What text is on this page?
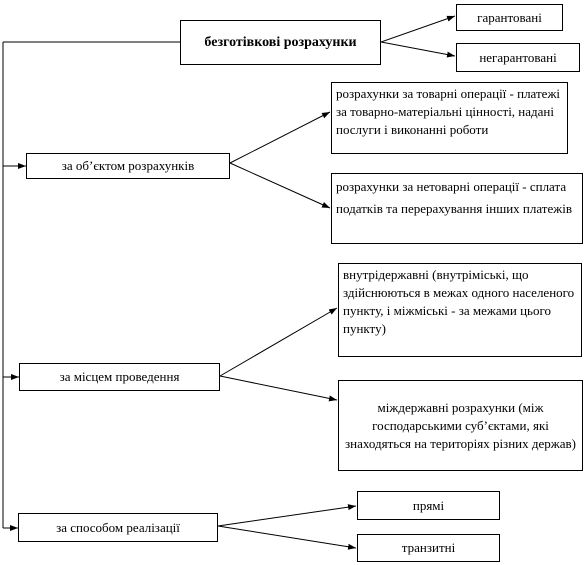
безготівкові розрахунки
гарантовані
негарантовані
за об’єктом розрахунків
розрахунки за товарні операції - платежі за товарно-матеріальні цінності, надані послуги і виконанні роботи
розрахунки за нетоварні операції - сплата податків та перерахування інших платежів
за місцем проведення
внутрідержавні (внутріміські, що здійснюються в межах одного населеного пункту, і міжміські - за межами цього пункту)
міждержавні розрахунки (між господарськими суб’єктами, які знаходяться на територіях різних держав)
за способом реалізації
прямі
транзитні
